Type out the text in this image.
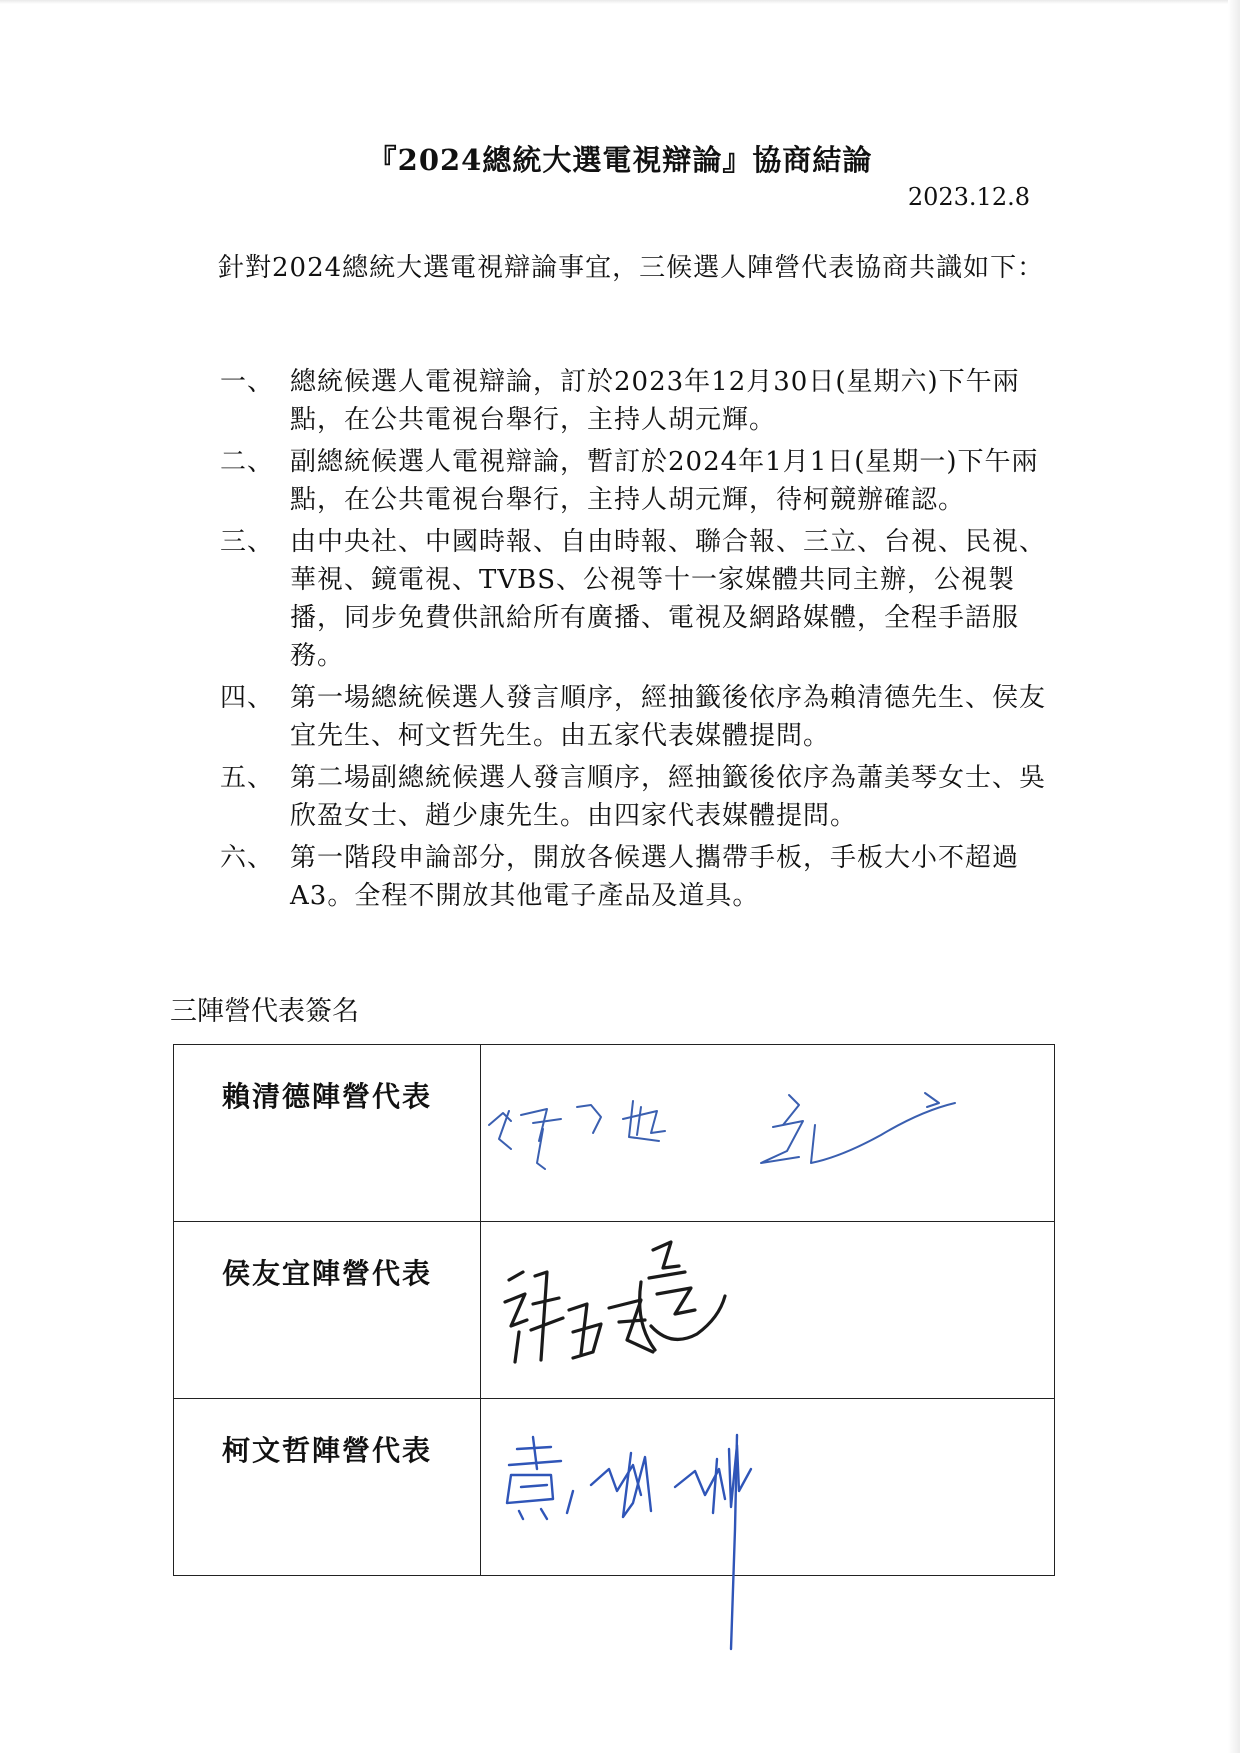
『2024總統大選電視辯論』協商結論
2023.12.8
針對2024總統大選電視辯論事宜，三候選人陣營代表協商共識如下：
一、 總統候選人電視辯論，訂於2023年12月30日(星期六)下午兩點，在公共電視台舉行，主持人胡元輝。
二、 副總統候選人電視辯論，暫訂於2024年1月1日(星期一)下午兩點，在公共電視台舉行，主持人胡元輝，待柯競辦確認。
三、 由中央社、中國時報、自由時報、聯合報、三立、台視、民視、華視、鏡電視、TVBS、公視等十一家媒體共同主辦，公視製播，同步免費供訊給所有廣播、電視及網路媒體，全程手語服務。
四、 第一場總統候選人發言順序，經抽籤後依序為賴清德先生、侯友宜先生、柯文哲先生。由五家代表媒體提問。
五、 第二場副總統候選人發言順序，經抽籤後依序為蕭美琴女士、吳欣盈女士、趙少康先生。由四家代表媒體提問。
六、 第一階段申論部分，開放各候選人攜帶手板，手板大小不超過A3。全程不開放其他電子產品及道具。
三陣營代表簽名
賴清德陣營代表

侯友宜陣營代表

柯文哲陣營代表
